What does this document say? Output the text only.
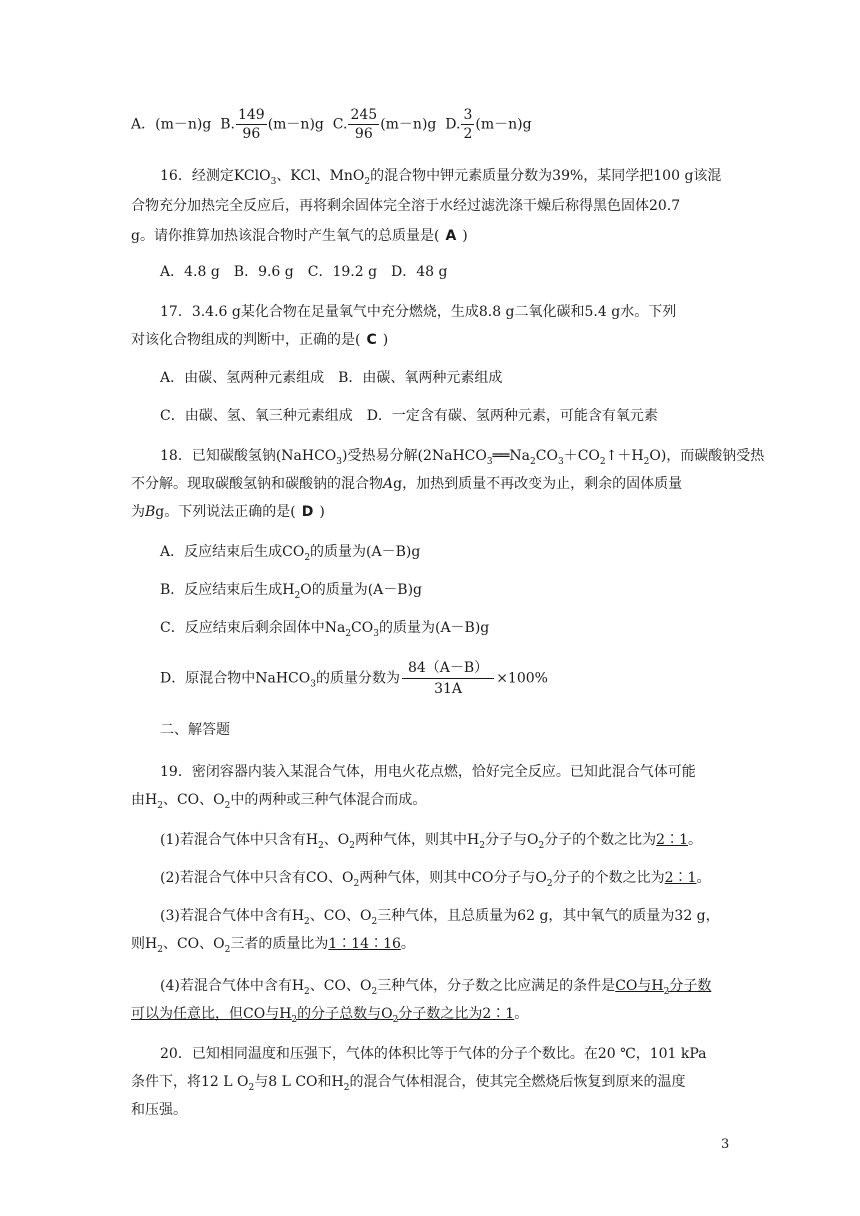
A．(m－n)g B. $\frac{149}{96} (m-n)g$ C. $\frac{245}{96} (m-n)g$ D. $\frac{3}{2} (m-n)g$
16．经测定KClO$_3$、KCl、MnO$_2$的混合物中钾元素质量分数为39%，某同学把100 g该混
合物充分加热完全反应后，再将剩余固体完全溶于水经过滤洗涤干燥后称得黑色固体20.7
g。请你推算加热该混合物时产生氧气的总质量是( A )
A．4.8 g　B．9.6 g　C．19.2 g　D．48 g
17．3.4.6 g某化合物在足量氧气中充分燃烧，生成8.8 g二氧化碳和5.4 g水。下列
对该化合物组成的判断中，正确的是( C )
A．由碳、氢两种元素组成　B．由碳、氧两种元素组成
C．由碳、氢、氧三种元素组成　D．一定含有碳、氢两种元素，可能含有氧元素
18．已知碳酸氢钠(NaHCO$_3$)受热易分解$(2NaHCO_3══Na_2CO_3+CO_2↑+H_2O)$，而碳酸钠受热
不分解。现取碳酸氢钠和碳酸钠的混合物Ag，加热到质量不再改变为止，剩余的固体质量
为Bg。下列说法正确的是( D )
A．反应结束后生成$CO_2$的质量为(A－B)g
B．反应结束后生成$H_2O$的质量为(A－B)g
C．反应结束后剩余固体中$Na_2CO_3$的质量为(A－B)g
D．原混合物中NaHCO$_3$的质量分数为 $\frac{84(A-B)}{31A} \times 100\%$
二、解答题
19．密闭容器内装入某混合气体，用电火花点燃，恰好完全反应。已知此混合气体可能
由$H_2$、CO、$O_2$中的两种或三种气体混合而成。
(1)若混合气体中只含有$H_2$、$O_2$两种气体，则其中$H_2$分子与$O_2$分子的个数之比为2∶1。
(2)若混合气体中只含有CO、$O_2$两种气体，则其中CO分子与$O_2$分子的个数之比为2∶1。
(3)若混合气体中含有$H_2$、CO、$O_2$三种气体，且总质量为62 g，其中氧气的质量为32 g，
则$H_2$、CO、$O_2$三者的质量比为1∶14∶16。
(4)若混合气体中含有$H_2$、CO、$O_2$三种气体，分子数之比应满足的条件是CO与$H_2$分子数
可以为任意比，但CO与$H_2$的分子总数与$O_2$分子数之比为2∶1。
20．已知相同温度和压强下，气体的体积比等于气体的分子个数比。在20 ℃，101 kPa
条件下，将12 L $O_2$与8 L CO和$H_2$的混合气体相混合，使其完全燃烧后恢复到原来的温度
和压强。
3
